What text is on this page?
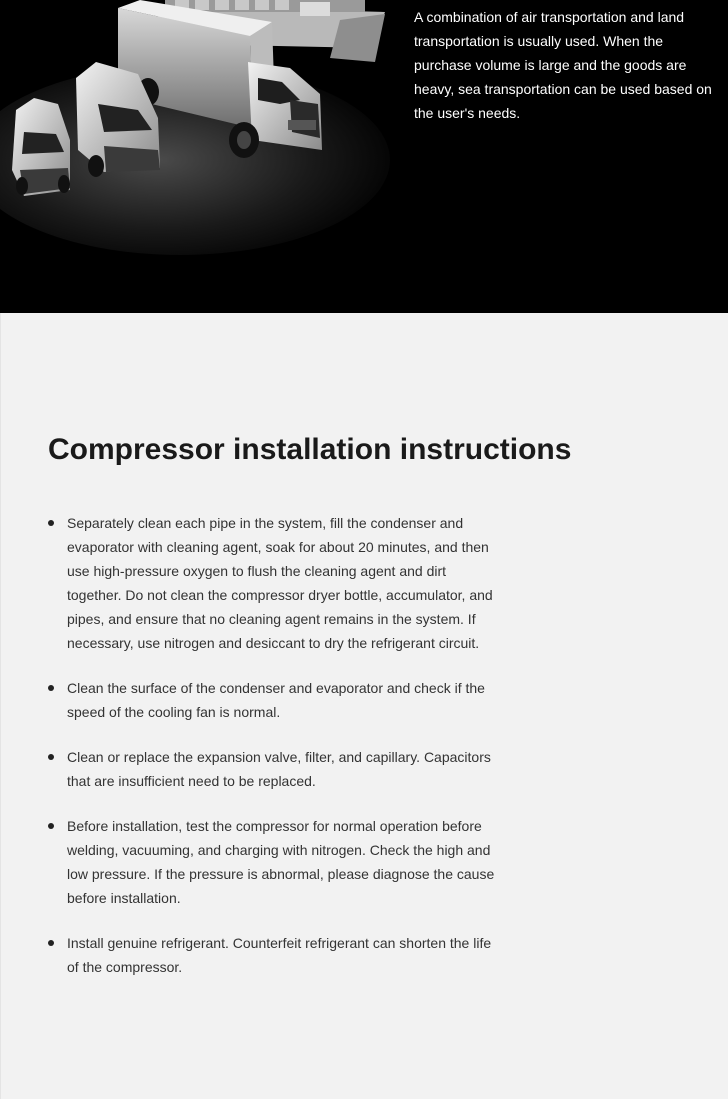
A combination of air transportation and land transportation is usually used. When the purchase volume is large and the goods are heavy, sea transportation can be used based on the user's needs.

Compressor installation instructions
Separately clean each pipe in the system, fill the condenser and evaporator with cleaning agent, soak for about 20 minutes, and then use high-pressure oxygen to flush the cleaning agent and dirt together. Do not clean the compressor dryer bottle, accumulator, and pipes, and ensure that no cleaning agent remains in the system. If necessary, use nitrogen and desiccant to dry the refrigerant circuit.
Clean the surface of the condenser and evaporator and check if the speed of the cooling fan is normal.
Clean or replace the expansion valve, filter, and capillary. Capacitors that are insufficient need to be replaced.
Before installation, test the compressor for normal operation before welding, vacuuming, and charging with nitrogen. Check the high and low pressure. If the pressure is abnormal, please diagnose the cause before installation.
Install genuine refrigerant. Counterfeit refrigerant can shorten the life of the compressor.
